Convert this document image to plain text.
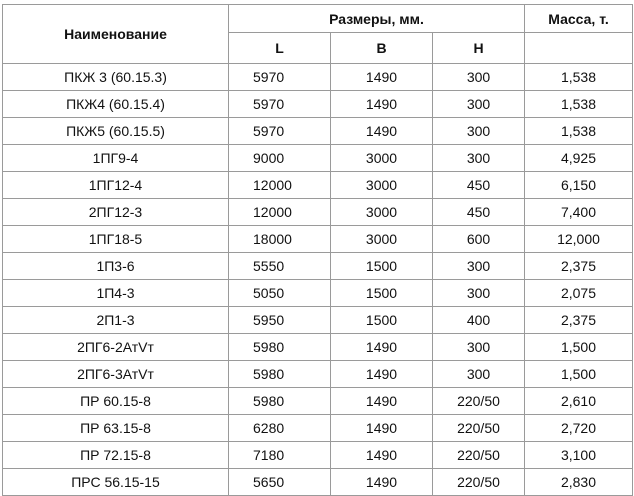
Наименование	Размеры, мм.			Масса, т.
	L	B	H	
ПКЖ 3 (60.15.3)	5970	1490	300	1,538
ПКЖ4 (60.15.4)	5970	1490	300	1,538
ПКЖ5 (60.15.5)	5970	1490	300	1,538
1ПГ9-4	9000	3000	300	4,925
1ПГ12-4	12000	3000	450	6,150
2ПГ12-3	12000	3000	450	7,400
1ПГ18-5	18000	3000	600	12,000
1П3-6	5550	1500	300	2,375
1П4-3	5050	1500	300	2,075
2П1-3	5950	1500	400	2,375
2ПГ6-2АтVт	5980	1490	300	1,500
2ПГ6-3АтVт	5980	1490	300	1,500
ПР 60.15-8	5980	1490	220/50	2,610
ПР 63.15-8	6280	1490	220/50	2,720
ПР 72.15-8	7180	1490	220/50	3,100
ПРС 56.15-15	5650	1490	220/50	2,830
